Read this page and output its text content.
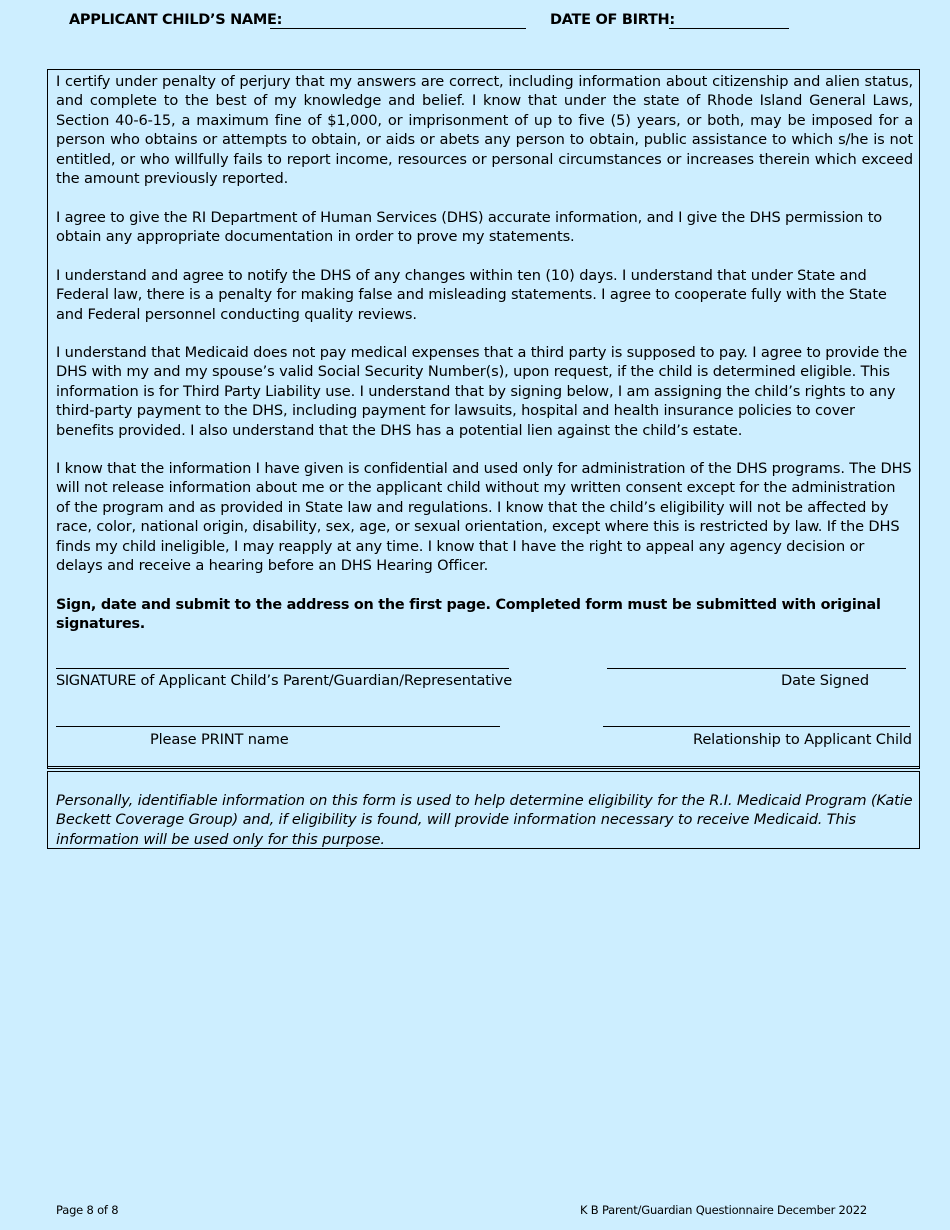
APPLICANT CHILD’S NAME:	DATE OF BIRTH:

I certify under penalty of perjury that my answers are correct, including information about citizenship and alien status, and complete to the best of my knowledge and belief. I know that under the state of Rhode Island General Laws, Section 40-6-15, a maximum fine of $1,000, or imprisonment of up to five (5) years, or both, may be imposed for a person who obtains or attempts to obtain, or aids or abets any person to obtain, public assistance to which s/he is not entitled, or who willfully fails to report income, resources or personal circumstances or increases therein which exceed the amount previously reported.

I agree to give the RI Department of Human Services (DHS) accurate information, and I give the DHS permission to obtain any appropriate documentation in order to prove my statements.

I understand and agree to notify the DHS of any changes within ten (10) days. I understand that under State and Federal law, there is a penalty for making false and misleading statements. I agree to cooperate fully with the State and Federal personnel conducting quality reviews.

I understand that Medicaid does not pay medical expenses that a third party is supposed to pay. I agree to provide the DHS with my and my spouse’s valid Social Security Number(s), upon request, if the child is determined eligible. This information is for Third Party Liability use. I understand that by signing below, I am assigning the child’s rights to any third-party payment to the DHS, including payment for lawsuits, hospital and health insurance policies to cover benefits provided. I also understand that the DHS has a potential lien against the child’s estate.

I know that the information I have given is confidential and used only for administration of the DHS programs. The DHS will not release information about me or the applicant child without my written consent except for the administration of the program and as provided in State law and regulations. I know that the child’s eligibility will not be affected by race, color, national origin, disability, sex, age, or sexual orientation, except where this is restricted by law. If the DHS finds my child ineligible, I may reapply at any time. I know that I have the right to appeal any agency decision or delays and receive a hearing before an DHS Hearing Officer.

Sign, date and submit to the address on the first page. Completed form must be submitted with original signatures.

SIGNATURE of Applicant Child’s Parent/Guardian/Representative	Date Signed
Please PRINT name	Relationship to Applicant Child

Personally, identifiable information on this form is used to help determine eligibility for the R.I. Medicaid Program (Katie Beckett Coverage Group) and, if eligibility is found, will provide information necessary to receive Medicaid. This information will be used only for this purpose.

Page 8 of 8	K B Parent/Guardian Questionnaire December 2022
